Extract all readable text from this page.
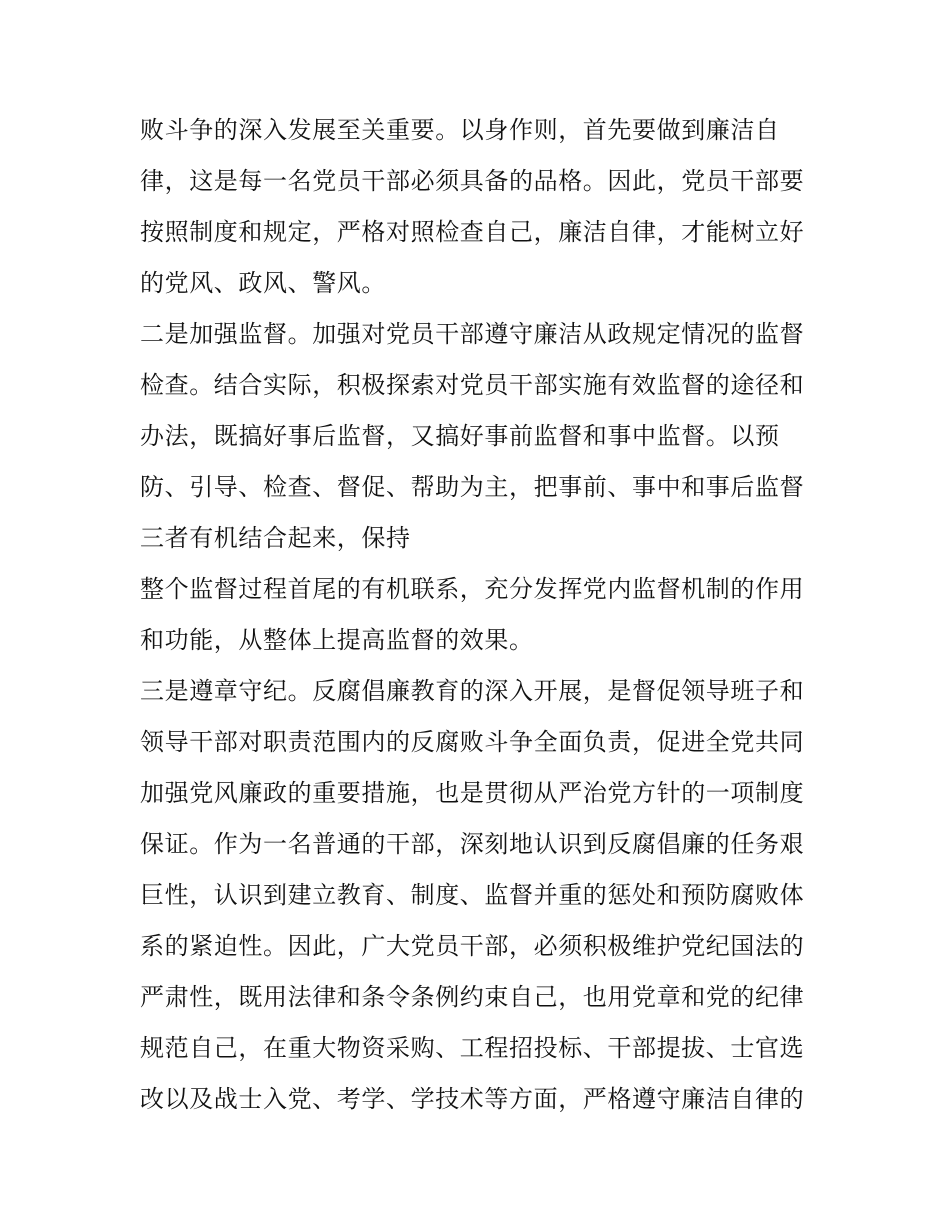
败斗争的深入发展至关重要。以身作则，首先要做到廉洁自
律，这是每一名党员干部必须具备的品格。因此，党员干部要
按照制度和规定，严格对照检查自己，廉洁自律，才能树立好
的党风、政风、警风。
二是加强监督。加强对党员干部遵守廉洁从政规定情况的监督
检查。结合实际，积极探索对党员干部实施有效监督的途径和
办法，既搞好事后监督，又搞好事前监督和事中监督。以预
防、引导、检查、督促、帮助为主，把事前、事中和事后监督
三者有机结合起来，保持
整个监督过程首尾的有机联系，充分发挥党内监督机制的作用
和功能，从整体上提高监督的效果。
三是遵章守纪。反腐倡廉教育的深入开展，是督促领导班子和
领导干部对职责范围内的反腐败斗争全面负责，促进全党共同
加强党风廉政的重要措施，也是贯彻从严治党方针的一项制度
保证。作为一名普通的干部，深刻地认识到反腐倡廉的任务艰
巨性，认识到建立教育、制度、监督并重的惩处和预防腐败体
系的紧迫性。因此，广大党员干部，必须积极维护党纪国法的
严肃性，既用法律和条令条例约束自己，也用党章和党的纪律
规范自己，在重大物资采购、工程招投标、干部提拔、士官选
改以及战士入党、考学、学技术等方面，严格遵守廉洁自律的
